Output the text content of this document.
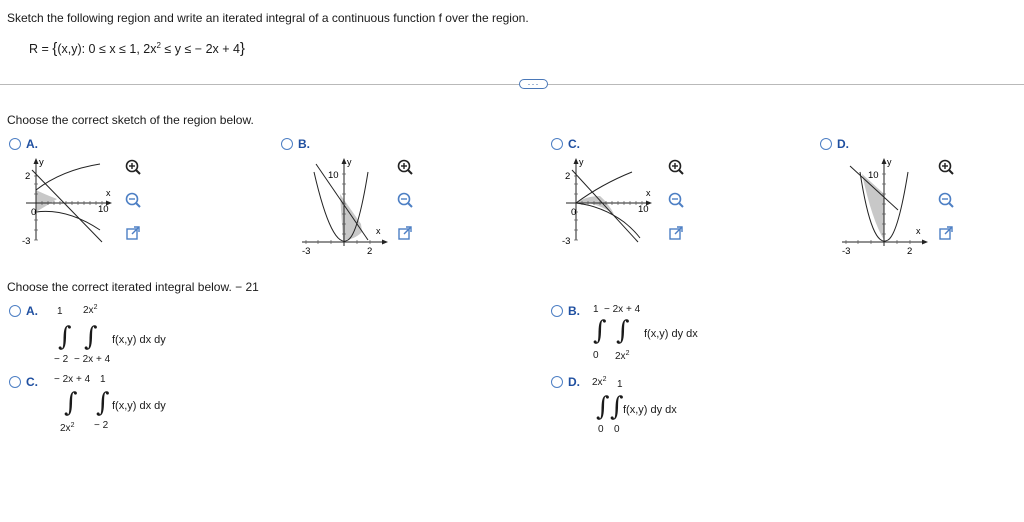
Sketch the following region and write an iterated integral of a continuous function f over the region.
R = {(x,y): 0 ≤ x ≤ 1, $2x^2 \le y$ ≤ − 2x + 4}
···
Choose the correct sketch of the region below.
A.
y
2
-3
10
x
0
B.
y
10
-3	2
x
C.
y
2
-3
10
x
0
D.
y
10
-3	2
x
Choose the correct iterated integral below. − 21
A. 1 $2x^2$
∫ ∫ f(x,y) dx dy
− 2 − 2x + 4
B. 1 − 2x + 4
∫ ∫ f(x,y) dy dx
0 $2x^2$
C. − 2x + 4 1
∫ ∫ f(x,y) dx dy
$2x^2 - 2$
D. $2x^2$ 1
∫ ∫ f(x,y) dy dx
0 0
